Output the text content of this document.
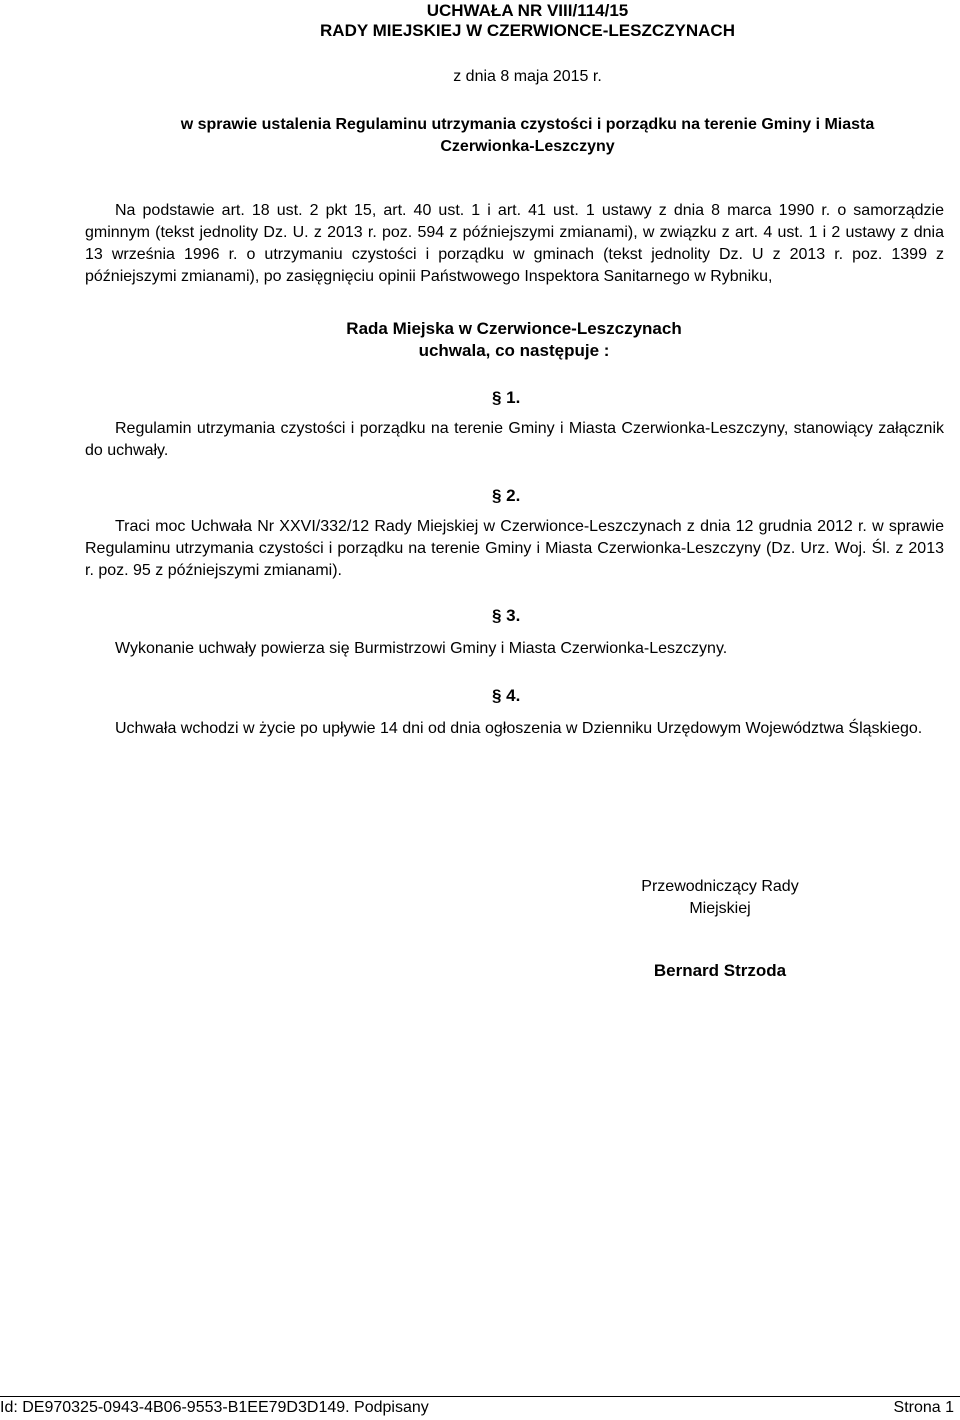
UCHWAŁA NR VIII/114/15
RADY MIEJSKIEJ W CZERWIONCE-LESZCZYNACH
z dnia 8 maja 2015 r.
w sprawie ustalenia Regulaminu utrzymania czystości i porządku na terenie Gminy i Miasta
Czerwionka-Leszczyny

Na podstawie art. 18 ust. 2 pkt 15, art. 40 ust. 1 i art. 41 ust. 1 ustawy z dnia 8 marca 1990 r. o samorządzie gminnym (tekst jednolity Dz. U. z 2013 r. poz. 594 z późniejszymi zmianami), w związku z art. 4 ust. 1 i 2 ustawy z dnia 13 września 1996 r. o utrzymaniu czystości i porządku w gminach (tekst jednolity Dz. U z 2013 r. poz. 1399 z późniejszymi zmianami), po zasięgnięciu opinii Państwowego Inspektora Sanitarnego w Rybniku,

Rada Miejska w Czerwionce-Leszczynach
uchwala, co następuje :
§ 1.

Regulamin utrzymania czystości i porządku na terenie Gminy i Miasta Czerwionka-Leszczyny, stanowiący załącznik do uchwały.

§ 2.

Traci moc Uchwała Nr XXVI/332/12 Rady Miejskiej w Czerwionce-Leszczynach z dnia 12 grudnia 2012 r. w sprawie Regulaminu utrzymania czystości i porządku na terenie Gminy i Miasta Czerwionka-Leszczyny (Dz. Urz. Woj. Śl. z 2013 r. poz. 95 z późniejszymi zmianami).

§ 3.

Wykonanie uchwały powierza się Burmistrzowi Gminy i Miasta Czerwionka-Leszczyny.

§ 4.

Uchwała wchodzi w życie po upływie 14 dni od dnia ogłoszenia w Dzienniku Urzędowym Województwa Śląskiego.

Przewodniczący Rady Miejskiej
Bernard Strzoda
Id: DE970325-0943-4B06-9553-B1EE79D3D149. Podpisany	Strona 1
